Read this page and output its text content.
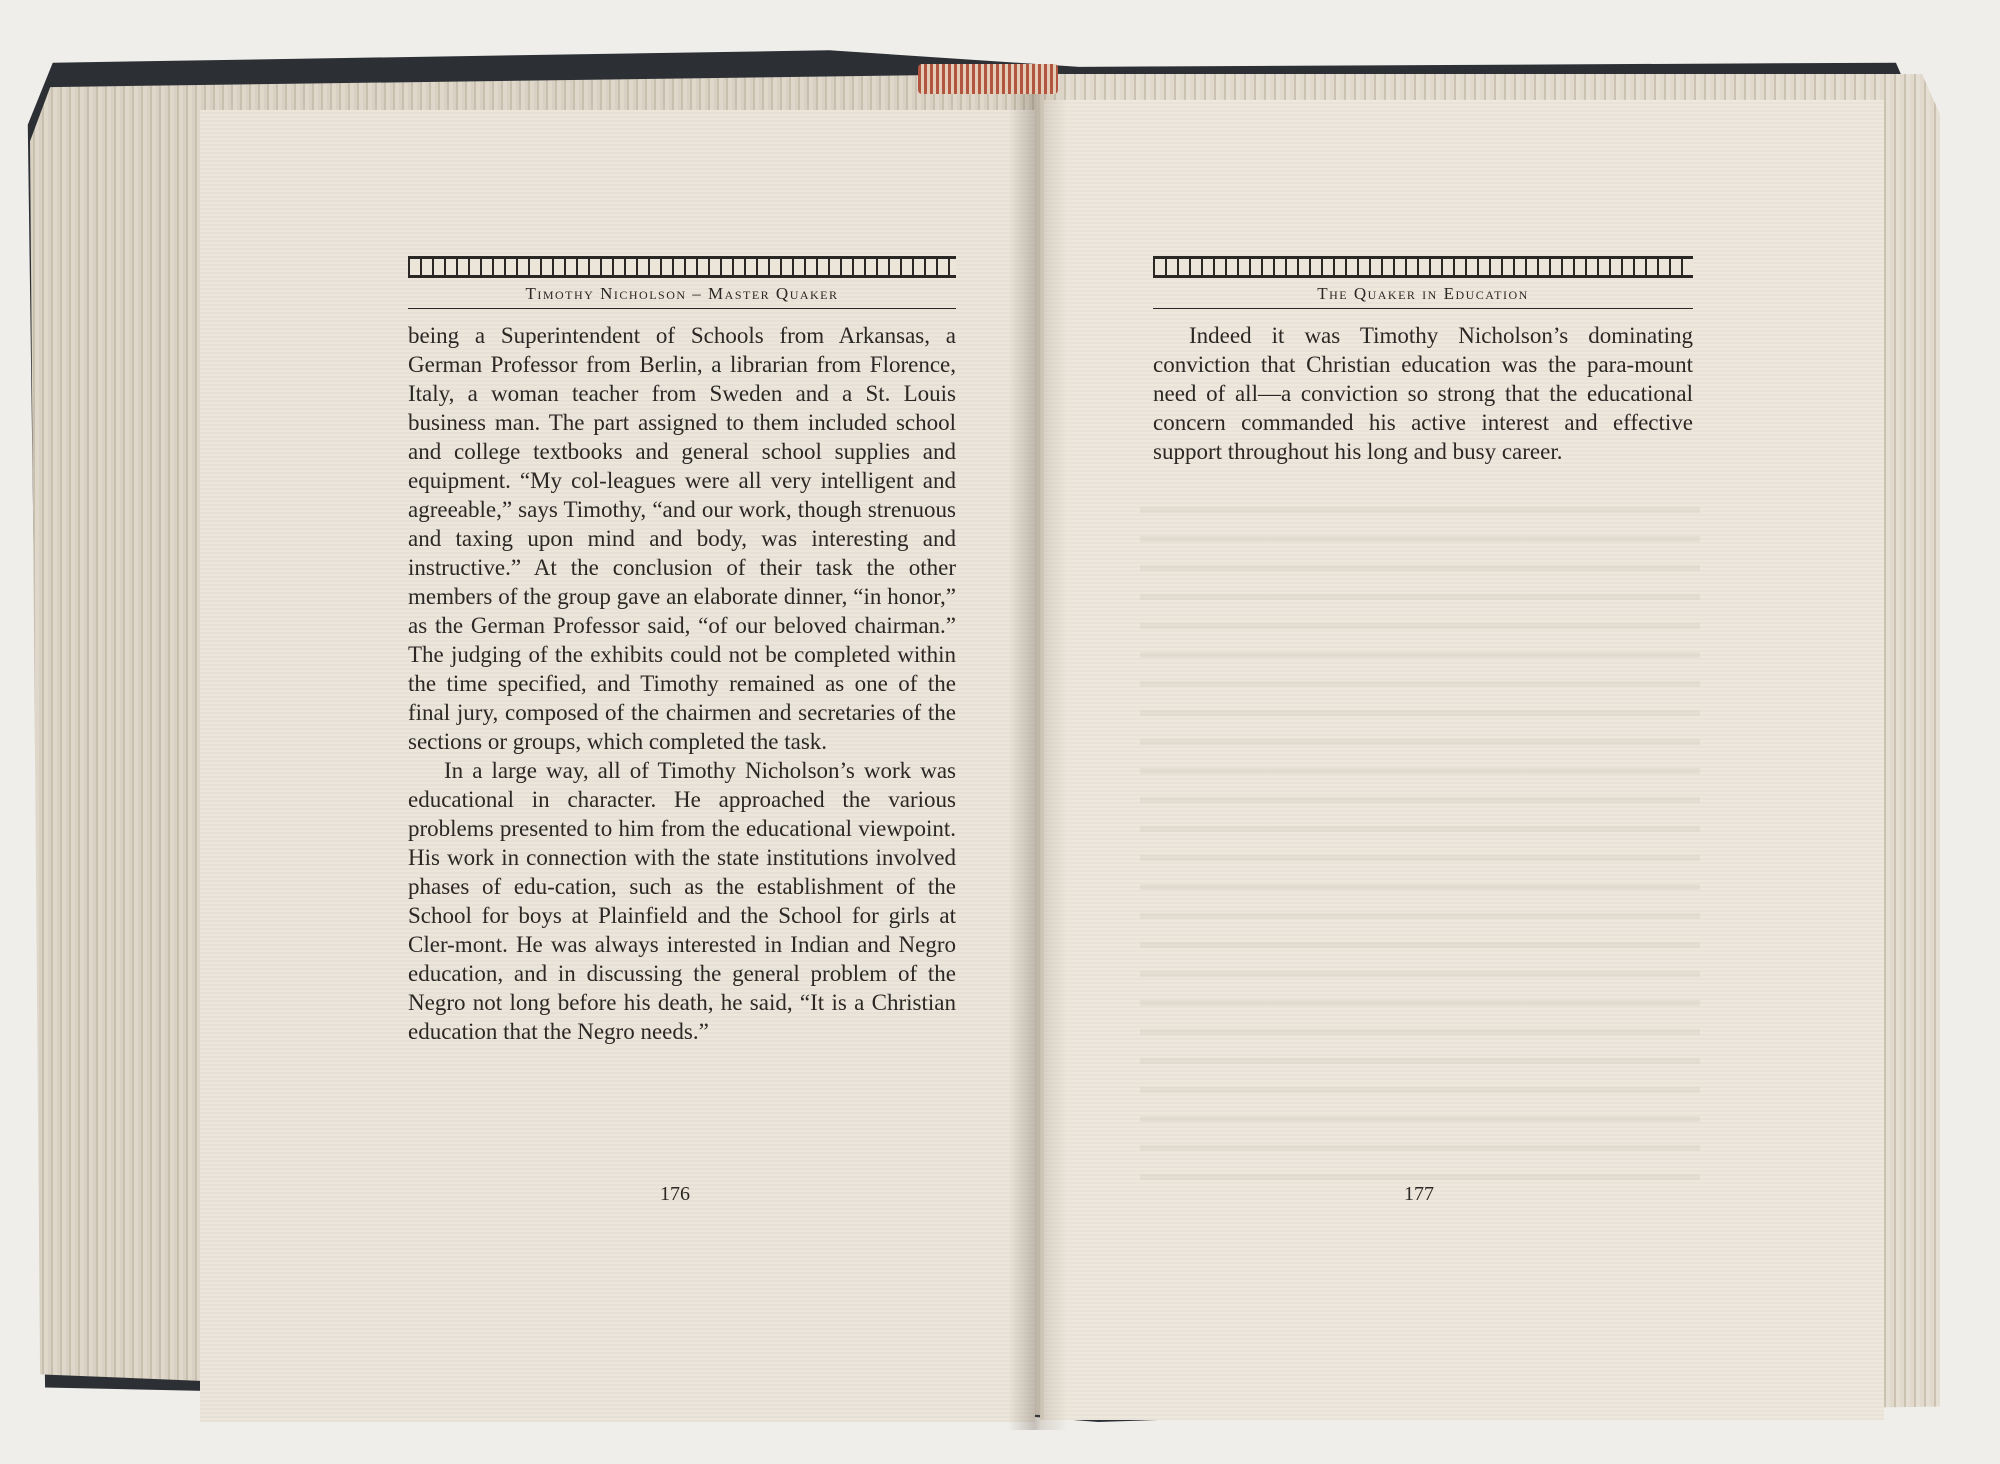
Timothy Nicholson – Master Quaker

being a Superintendent of Schools from Arkansas, a German Professor from Berlin, a librarian from Florence, Italy, a woman teacher from Sweden and a St. Louis business man. The part assigned to them included school and college textbooks and general school supplies and equipment. “My col-leagues were all very intelligent and agreeable,” says Timothy, “and our work, though strenuous and taxing upon mind and body, was interesting and instructive.” At the conclusion of their task the other members of the group gave an elaborate dinner, “in honor,” as the German Professor said, “of our beloved chairman.” The judging of the exhibits could not be completed within the time specified, and Timothy remained as one of the final jury, composed of the chairmen and secretaries of the sections or groups, which completed the task.

In a large way, all of Timothy Nicholson’s work was educational in character. He approached the various problems presented to him from the educational viewpoint. His work in connection with the state institutions involved phases of edu-cation, such as the establishment of the School for boys at Plainfield and the School for girls at Cler-mont. He was always interested in Indian and Negro education, and in discussing the general problem of the Negro not long before his death, he said, “It is a Christian education that the Negro needs.”

176
The Quaker in Education

Indeed it was Timothy Nicholson’s dominating conviction that Christian education was the para-mount need of all—a conviction so strong that the educational concern commanded his active interest and effective support throughout his long and busy career.

177
